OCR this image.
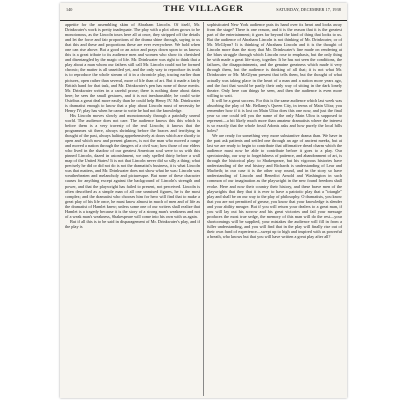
140	THE VILLAGER	SATURDAY, DECEMBER 17, 1938

appetite for the assembling skim of Abraham Lincoln. Of itself, Mr. Drinkwater's work is pretty inadequate. The play with a plot often grows to be monotonous, as the Lincoln tours here all at once, they stripped off the details and let the force and fair proportions of the drama shine through, saying to us that this and these and proportions these are ever everywhere. We hold when one can rise above. But a good or an actor and prays down upon to us knows this is a great tribute to its audience men and women who show its cherished and disentangled by the magic of life. Mr. Drinkwater was right to think that a play about a man whom our fathers still call Mr. Lincoln could not be formed chronic; the matter is all unsettled yet, and the only way to reproduce its truth is to reproduce the whole stream of it in a chronicle play, tracing earlier than pictures, open rather than several, more of life than of art. But it made a fairly British hand for that task, and Mr. Drinkwater's pen has none of those merits. Mr. Drinkwater writes in a careful prose; there is nothing done about dates here; he sees the small gestures, and it is not inexhaustible; he could write Osiribus a great deal more easily than he could help Henry IV. Mr. Drinkwater is dramatist enough to know that a play about Lincoln must of necessity be Henry IV; play has when he came to write he had not the knowledge.

His Lincoln moves slowly and monotonously through a painfully unreal world. The audience does not care. The audience knows this this which is before them is a very travesty of the real Lincoln; it knows that the programmes sit there, always shrinking before the braces and terrifying in thought of the past, always halting apprehensively at doors which are shortly to open and which now and present glances, is not the man who moved a range and moved a nation through the dangers of a civil war; how those of our elders who lived in the shadow of our greatest American soul were to us with this pinned Lincoln, dazed in astonishment, we only spelled thirty before a wall map of the United States! It is not that Lincoln never did so silly a thing; what precisely he did or did not do is not the dramatist's business, it is what Lincoln was that matters, and Mr. Drinkwater does not show what he was: Lincoln was weatherbeaten and melancholy and picturesque. But none of these character causes for anything except against the background of Lincoln's strength and power, and that the playwright has failed to present, not perceived. Lincoln is often described as a simple man of all one unmixed figures, he is the most complex; and the dramatist who chooses him for hero will find that to make a great play of his life once, he must know almost in much of men and of life as the dramatist of Hamlet knew; unless some one of our writers shall realize that Hamlet is a tragedy because it is the story of a strong man's weakness and not of a weak man's weakness, Shakespeare will come into his own with us again.

But if all this is to be said in disparagement of Mr. Drinkwater's play, and if the play is

sophisticated New York audience puts its hand over its heart and looks away from the stage? There is one reason, and it is the reason that it is the greatest part of the entertainment; it goes far beyond the kind of thing that looks to us. But the audience of Abraham Lincoln is not thinking of Mr. Drinkwater, or of Mr. McGlynn? It is thinking of Abraham Lincoln and it is the thought of Lincoln more than the story that Mr. Drinkwater's line made on rendering at the blurs struggle through which Lincoln rose to emphasis, but the only thing he with made a great life-story, together. It he has not seen the conditions, the failures, the disappointments, and the genuine greatness which made it very through them, but the audience is thinking of all that; it is not what Mr. Drinkwater or Mr. McGlynn present that tells them, but the thought of what actually was taking place in the heart of a man and a nation more years ago, and the fact that would be partly their only way of sitting in the dark lonely theatre. Only here can things be seen, and then the audience is even more willing to wait.

It will be a great success. For this is the same audience which last week was absorbing the play of Mr. Bellamy's Queen City, in terms of Main Ultra; you remember how if it is lost on Main Ultra does this one now, and just the final year so one could tell you the name of the only Main Ultra is supposed to represent—a bit likely much more than amateur dramatists where the interest is so exactly that the whole fossil Adonis asks and how purely the local hills holes?

We are ready for something very more substantive drama than. We have in the past ask patients and settled one through an age of ancient meeks, but at last we are ready to begin to contribute that affirmative dread charm which the audience must now be able to contribute before it goes to a play. Our spectatorship, our way to forgetfulness of patience, and abandonment of art, is through the historical play: to Shakespeare, but his vigorous histories have understanding of the real history and Richards is understanding of Lear and Macbeth; in our case it is the other way round, and in the story so have understanding of Lincoln and Benedict Arnold and Washington in such common of our imagination as the playwright in the new found freedom shall evoke. Here and now their country their history, and these brave men of the playwrights that they that it is ever to have a patriotic play that a "triangle" play and shall be on our way to the play of philosophy. O dramatists, you know that you are not permitted of grease, you know that your knowledge is slender and your ability meagre. But if you will return your dealers to a great man, if you will lay out his sorrow and his great victories and fail your message produces the most true sedge, the memory of this man will do the rest—your shortcomings will be supplied, your mistakes the audience will fill in from a fuller understanding, and you will find that in the play will finally rise out of their own fund of experience—swept up to high and inspired with as powerful a breath, who knows but that you will have written a great play after all?
